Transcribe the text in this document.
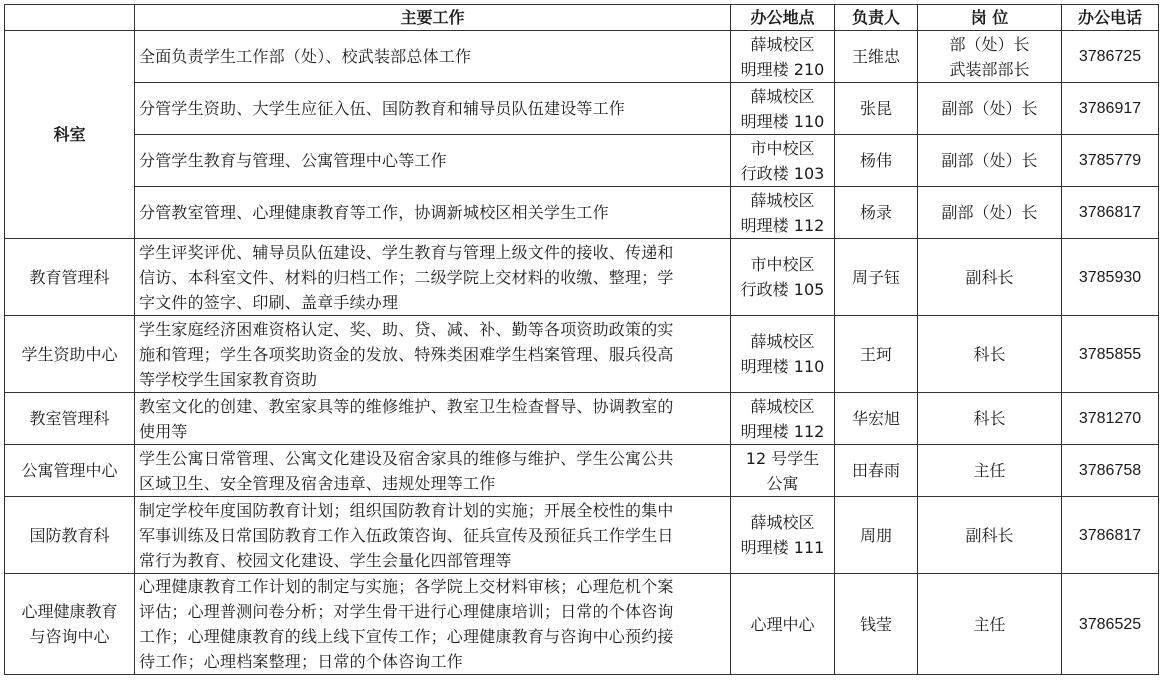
	主要工作	办公地点	负责人	岗 位	办公电话
科室	全面负责学生工作部（处）、校武装部总体工作	薛城校区
明理楼 210	王维忠	部（处）长
武装部部长	3786725
	分管学生资助、大学生应征入伍、国防教育和辅导员队伍建设等工作	薛城校区
明理楼 110	张昆	副部（处）长	3786917
	分管学生教育与管理、公寓管理中心等工作	市中校区
行政楼 103	杨伟	副部（处）长	3785779
	分管教室管理、心理健康教育等工作，协调新城校区相关学生工作	薛城校区
明理楼 112	杨录	副部（处）长	3786817
教育管理科	学生评奖评优、辅导员队伍建设、学生教育与管理上级文件的接收、传递和
信访、本科室文件、材料的归档工作；二级学院上交材料的收缴、整理；学
字文件的签字、印刷、盖章手续办理	市中校区
行政楼 105	周子钰	副科长	3785930
学生资助中心	学生家庭经济困难资格认定、奖、助、贷、减、补、勤等各项资助政策的实
施和管理；学生各项奖助资金的发放、特殊类困难学生档案管理、服兵役高
等学校学生国家教育资助	薛城校区
明理楼 110	王珂	科长	3785855
教室管理科	教室文化的创建、教室家具等的维修维护、教室卫生检查督导、协调教室的
使用等	薛城校区
明理楼 112	华宏旭	科长	3781270
公寓管理中心	学生公寓日常管理、公寓文化建设及宿舍家具的维修与维护、学生公寓公共
区域卫生、安全管理及宿舍违章、违规处理等工作	12 号学生
公寓	田春雨	主任	3786758
国防教育科	制定学校年度国防教育计划；组织国防教育计划的实施；开展全校性的集中
军事训练及日常国防教育工作入伍政策咨询、征兵宣传及预征兵工作学生日
常行为教育、校园文化建设、学生会量化四部管理等	薛城校区
明理楼 111	周朋	副科长	3786817

心理健康教育
与咨询中心	心理健康教育工作计划的制定与实施；各学院上交材料审核；心理危机个案
评估；心理普测问卷分析；对学生骨干进行心理健康培训；日常的个体咨询
工作；心理健康教育的线上线下宣传工作；心理健康教育与咨询中心预约接
待工作；心理档案整理；日常的个体咨询工作	心理中心	钱莹	主任	3786525
